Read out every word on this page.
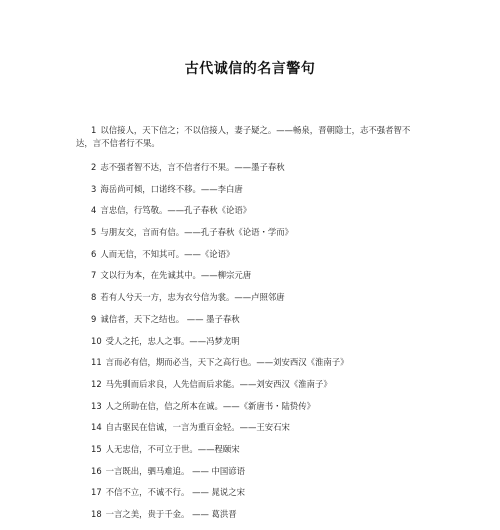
古代诚信的名言警句
1 以信接人，天下信之；不以信接人，妻子疑之。——畅泉，晋朝隐士，志不强者智不
达，言不信者行不果。
2 志不强者智不达，言不信者行不果。——墨子春秋
3 海岳尚可倾，口诺终不移。——李白唐
4 言忠信，行笃敬。——孔子春秋《论语》
5 与朋友交，言而有信。——孔子春秋《论语・学而》
6 人而无信，不知其可。——《论语》
7 文以行为本，在先诚其中。——柳宗元唐
8 若有人兮天一方，忠为衣兮信为裳。——卢照邻唐
9 诚信者，天下之结也。 —— 墨子春秋
10 受人之托，忠人之事。——冯梦龙明
11 言而必有信，期而必当，天下之高行也。——刘安西汉《淮南子》
12 马先驯而后求良，人先信而后求能。——刘安西汉《淮南子》
13 人之所助在信，信之所本在诚。——《新唐书・陆贽传》
14 自古驱民在信诚，一言为重百金轻。——王安石宋
15 人无忠信，不可立于世。——程颐宋
16 一言既出，驷马难追。 —— 中国谚语
17 不信不立，不诚不行。 —— 晁说之宋
18 一言之美，贵于千金。 —— 葛洪晋
